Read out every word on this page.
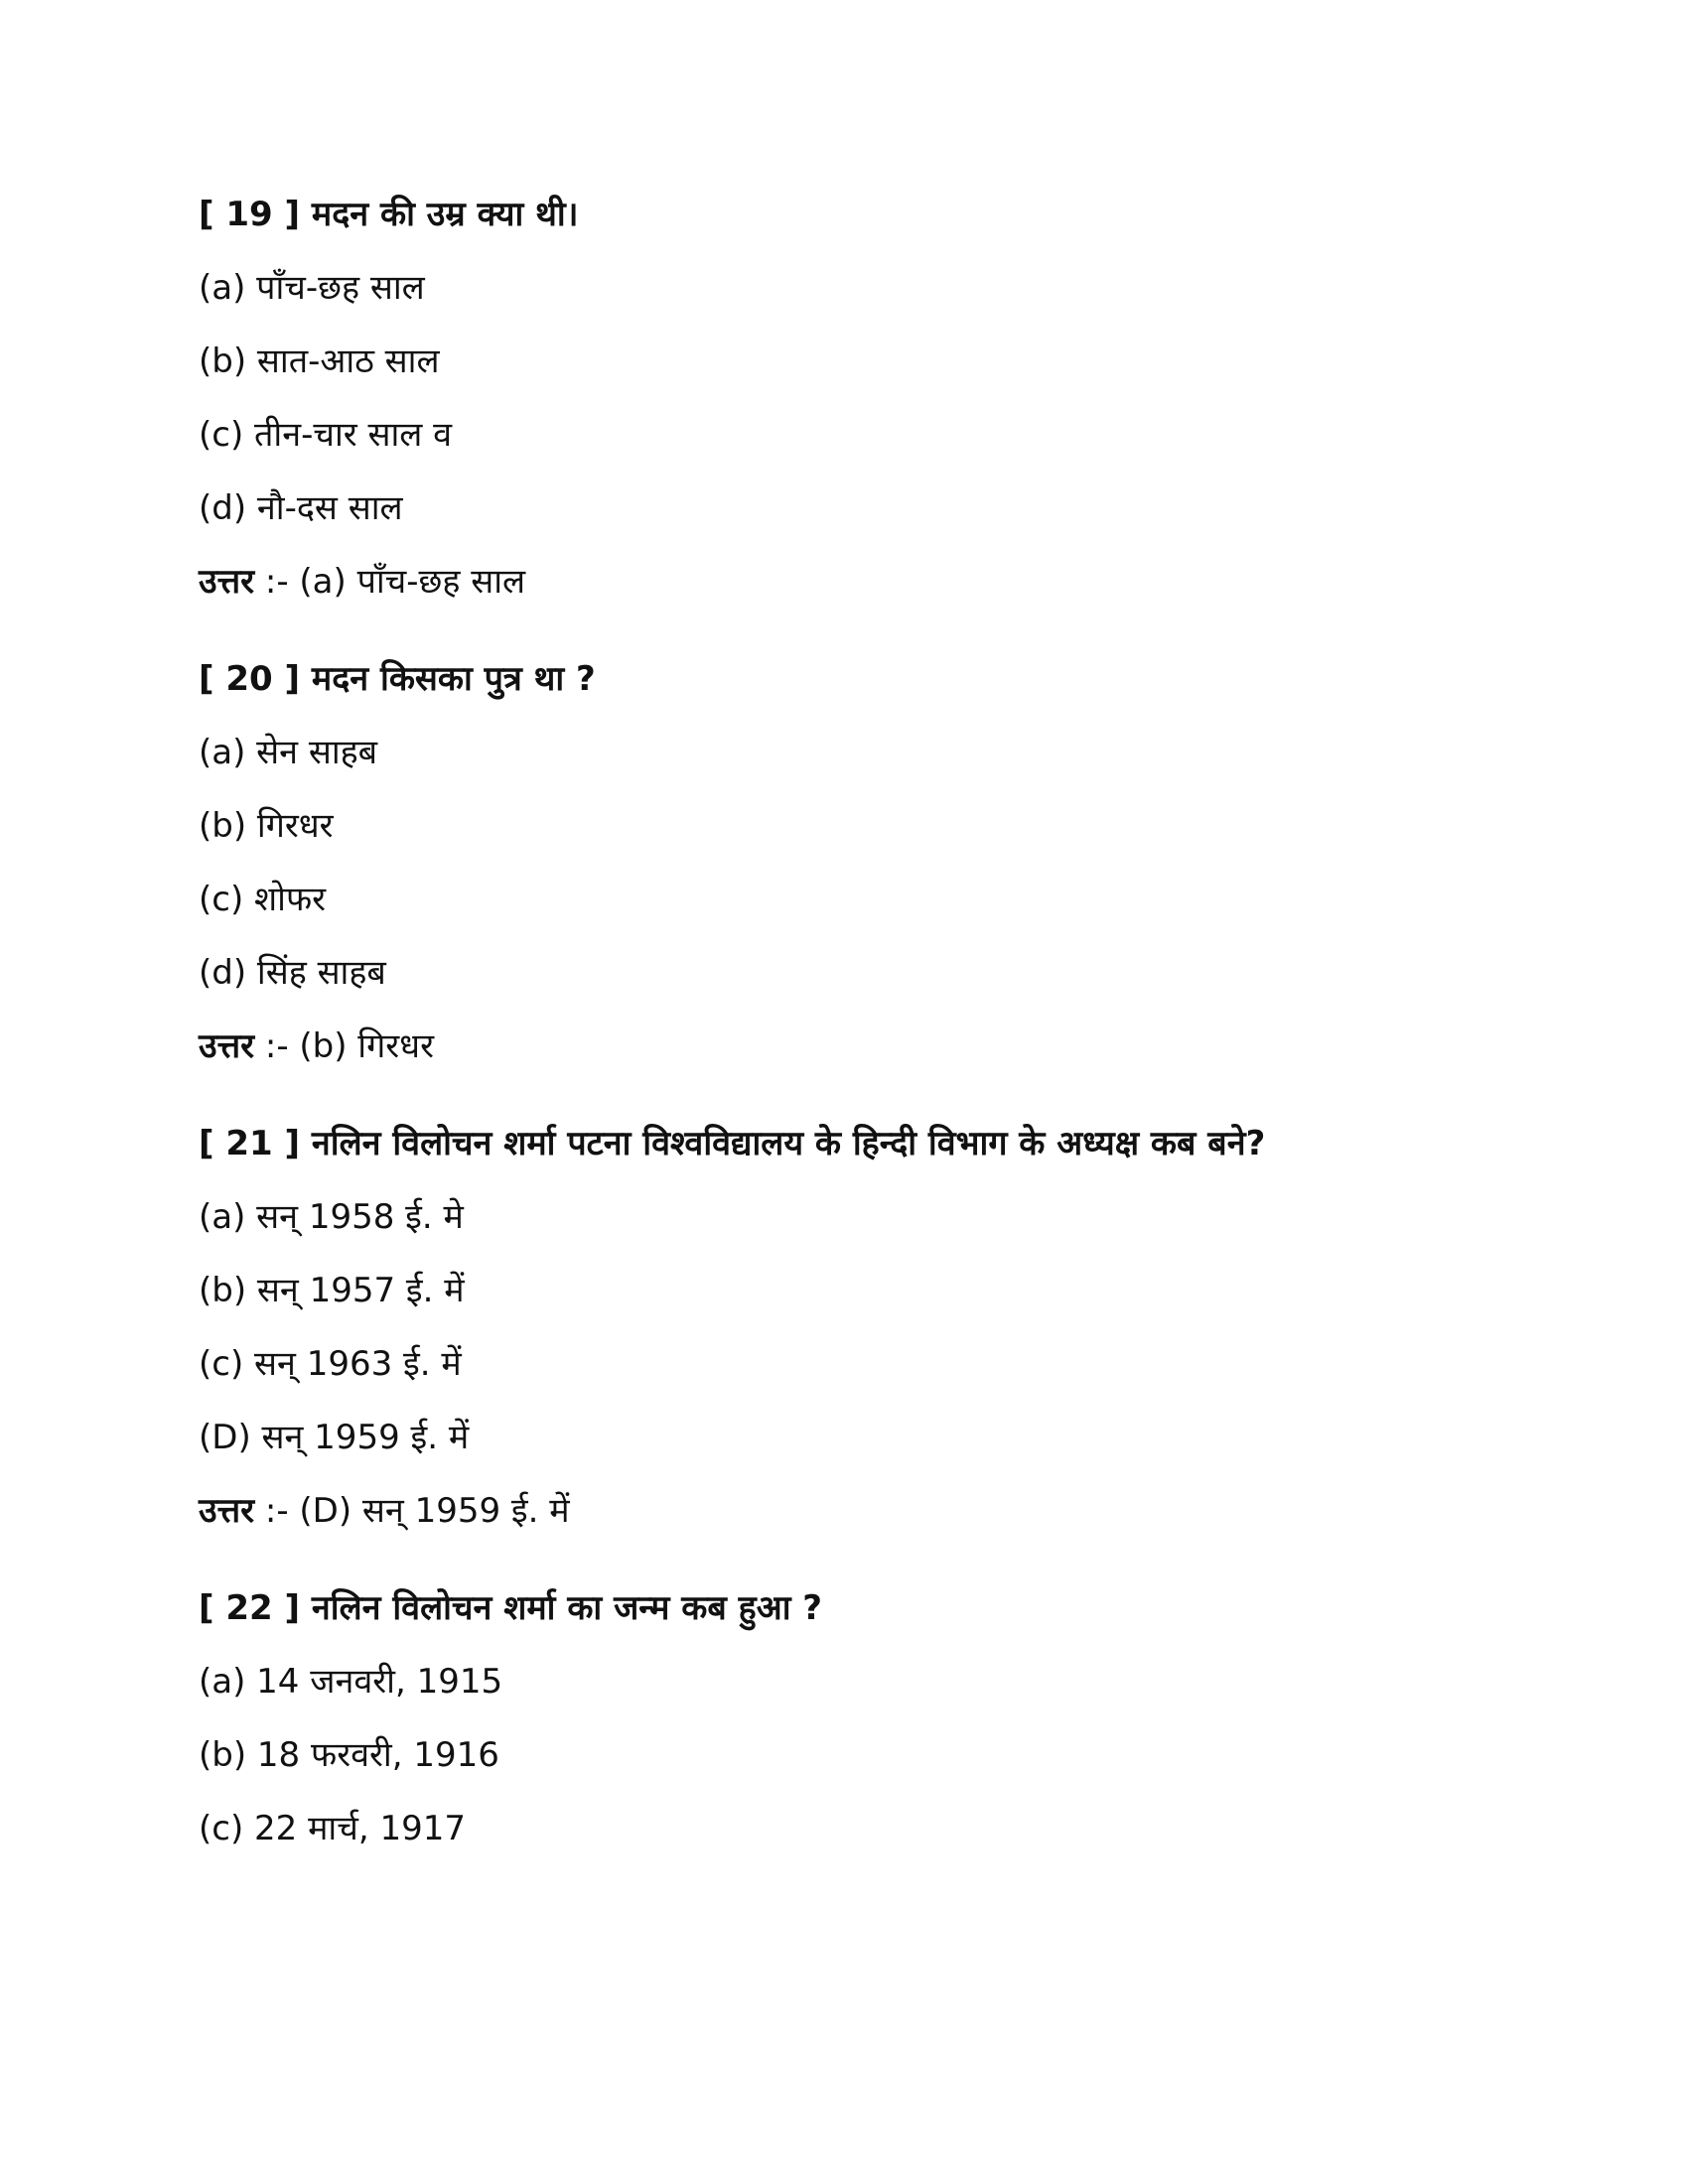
[ 19 ] मदन की उम्र क्या थी।
(a) पाँच-छह साल
(b) सात-आठ साल
(c) तीन-चार साल व
(d) नौ-दस साल
उत्तर :- (a) पाँच-छह साल
[ 20 ] मदन किसका पुत्र था ?
(a) सेन साहब
(b) गिरधर
(c) शोफर
(d) सिंह साहब
उत्तर :- (b) गिरधर
[ 21 ] नलिन विलोचन शर्मा पटना विश्वविद्यालय के हिन्दी विभाग के अध्यक्ष कब बने?
(a) सन् 1958 ई. मे
(b) सन् 1957 ई. में
(c) सन् 1963 ई. में
(D) सन् 1959 ई. में
उत्तर :- (D) सन् 1959 ई. में
[ 22 ] नलिन विलोचन शर्मा का जन्म कब हुआ ?
(a) 14 जनवरी, 1915
(b) 18 फरवरी, 1916
(c) 22 मार्च, 1917
